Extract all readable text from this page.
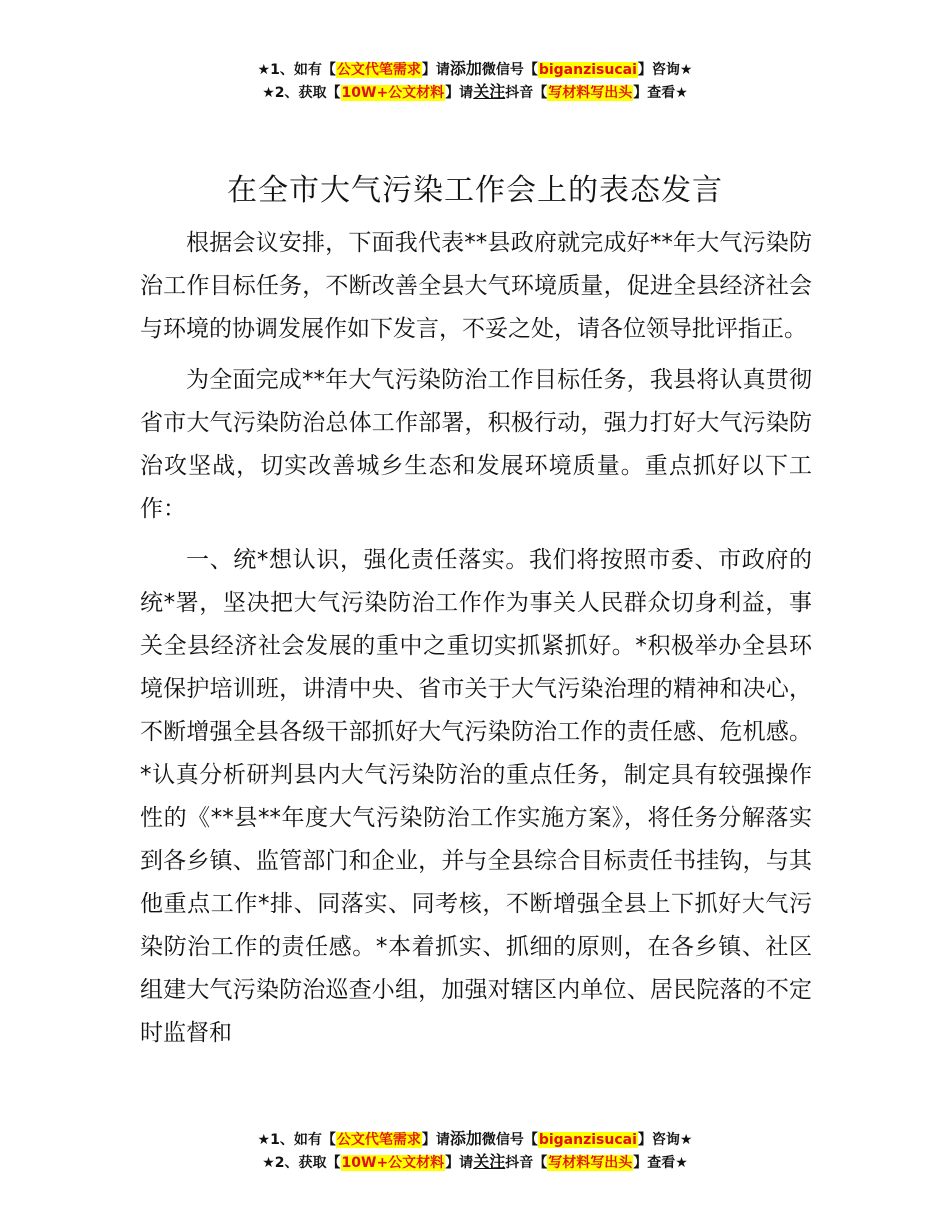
★1、如有【公文代笔需求】请添加微信号【biganzisucai】咨询★
★2、获取【10W+公文材料】请关注抖音【写材料写出头】查看★
在全市大气污染工作会上的表态发言

根据会议安排，下面我代表**县政府就完成好**年大气污染防治工作目标任务，不断改善全县大气环境质量，促进全县经济社会与环境的协调发展作如下发言，不妥之处，请各位领导批评指正。

为全面完成**年大气污染防治工作目标任务，我县将认真贯彻省市大气污染防治总体工作部署，积极行动，强力打好大气污染防治攻坚战，切实改善城乡生态和发展环境质量。重点抓好以下工作：

一、统*想认识，强化责任落实。我们将按照市委、市政府的统*署，坚决把大气污染防治工作作为事关人民群众切身利益，事关全县经济社会发展的重中之重切实抓紧抓好。*积极举办全县环境保护培训班，讲清中央、省市关于大气污染治理的精神和决心，不断增强全县各级干部抓好大气污染防治工作的责任感、危机感。*认真分析研判县内大气污染防治的重点任务，制定具有较强操作性的《**县**年度大气污染防治工作实施方案》，将任务分解落实到各乡镇、监管部门和企业，并与全县综合目标责任书挂钩，与其他重点工作*排、同落实、同考核，不断增强全县上下抓好大气污染防治工作的责任感。*本着抓实、抓细的原则，在各乡镇、社区组建大气污染防治巡查小组，加强对辖区内单位、居民院落的不定时监督和

★1、如有【公文代笔需求】请添加微信号【biganzisucai】咨询★
★2、获取【10W+公文材料】请关注抖音【写材料写出头】查看★
